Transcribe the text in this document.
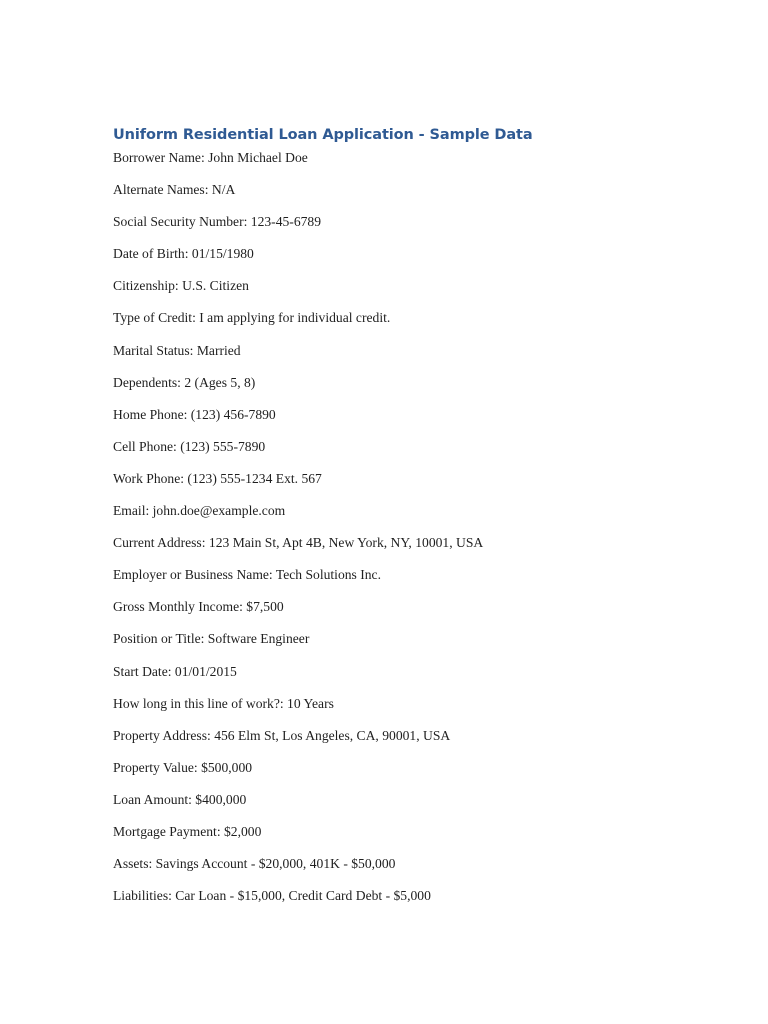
Uniform Residential Loan Application - Sample Data
Borrower Name: John Michael Doe
Alternate Names: N/A
Social Security Number: 123-45-6789
Date of Birth: 01/15/1980
Citizenship: U.S. Citizen
Type of Credit: I am applying for individual credit.
Marital Status: Married
Dependents: 2 (Ages 5, 8)
Home Phone: (123) 456-7890
Cell Phone: (123) 555-7890
Work Phone: (123) 555-1234 Ext. 567
Email: john.doe@example.com
Current Address: 123 Main St, Apt 4B, New York, NY, 10001, USA
Employer or Business Name: Tech Solutions Inc.
Gross Monthly Income: $7,500
Position or Title: Software Engineer
Start Date: 01/01/2015
How long in this line of work?: 10 Years
Property Address: 456 Elm St, Los Angeles, CA, 90001, USA
Property Value: $500,000
Loan Amount: $400,000
Mortgage Payment: $2,000
Assets: Savings Account - $20,000, 401K - $50,000
Liabilities: Car Loan - $15,000, Credit Card Debt - $5,000
